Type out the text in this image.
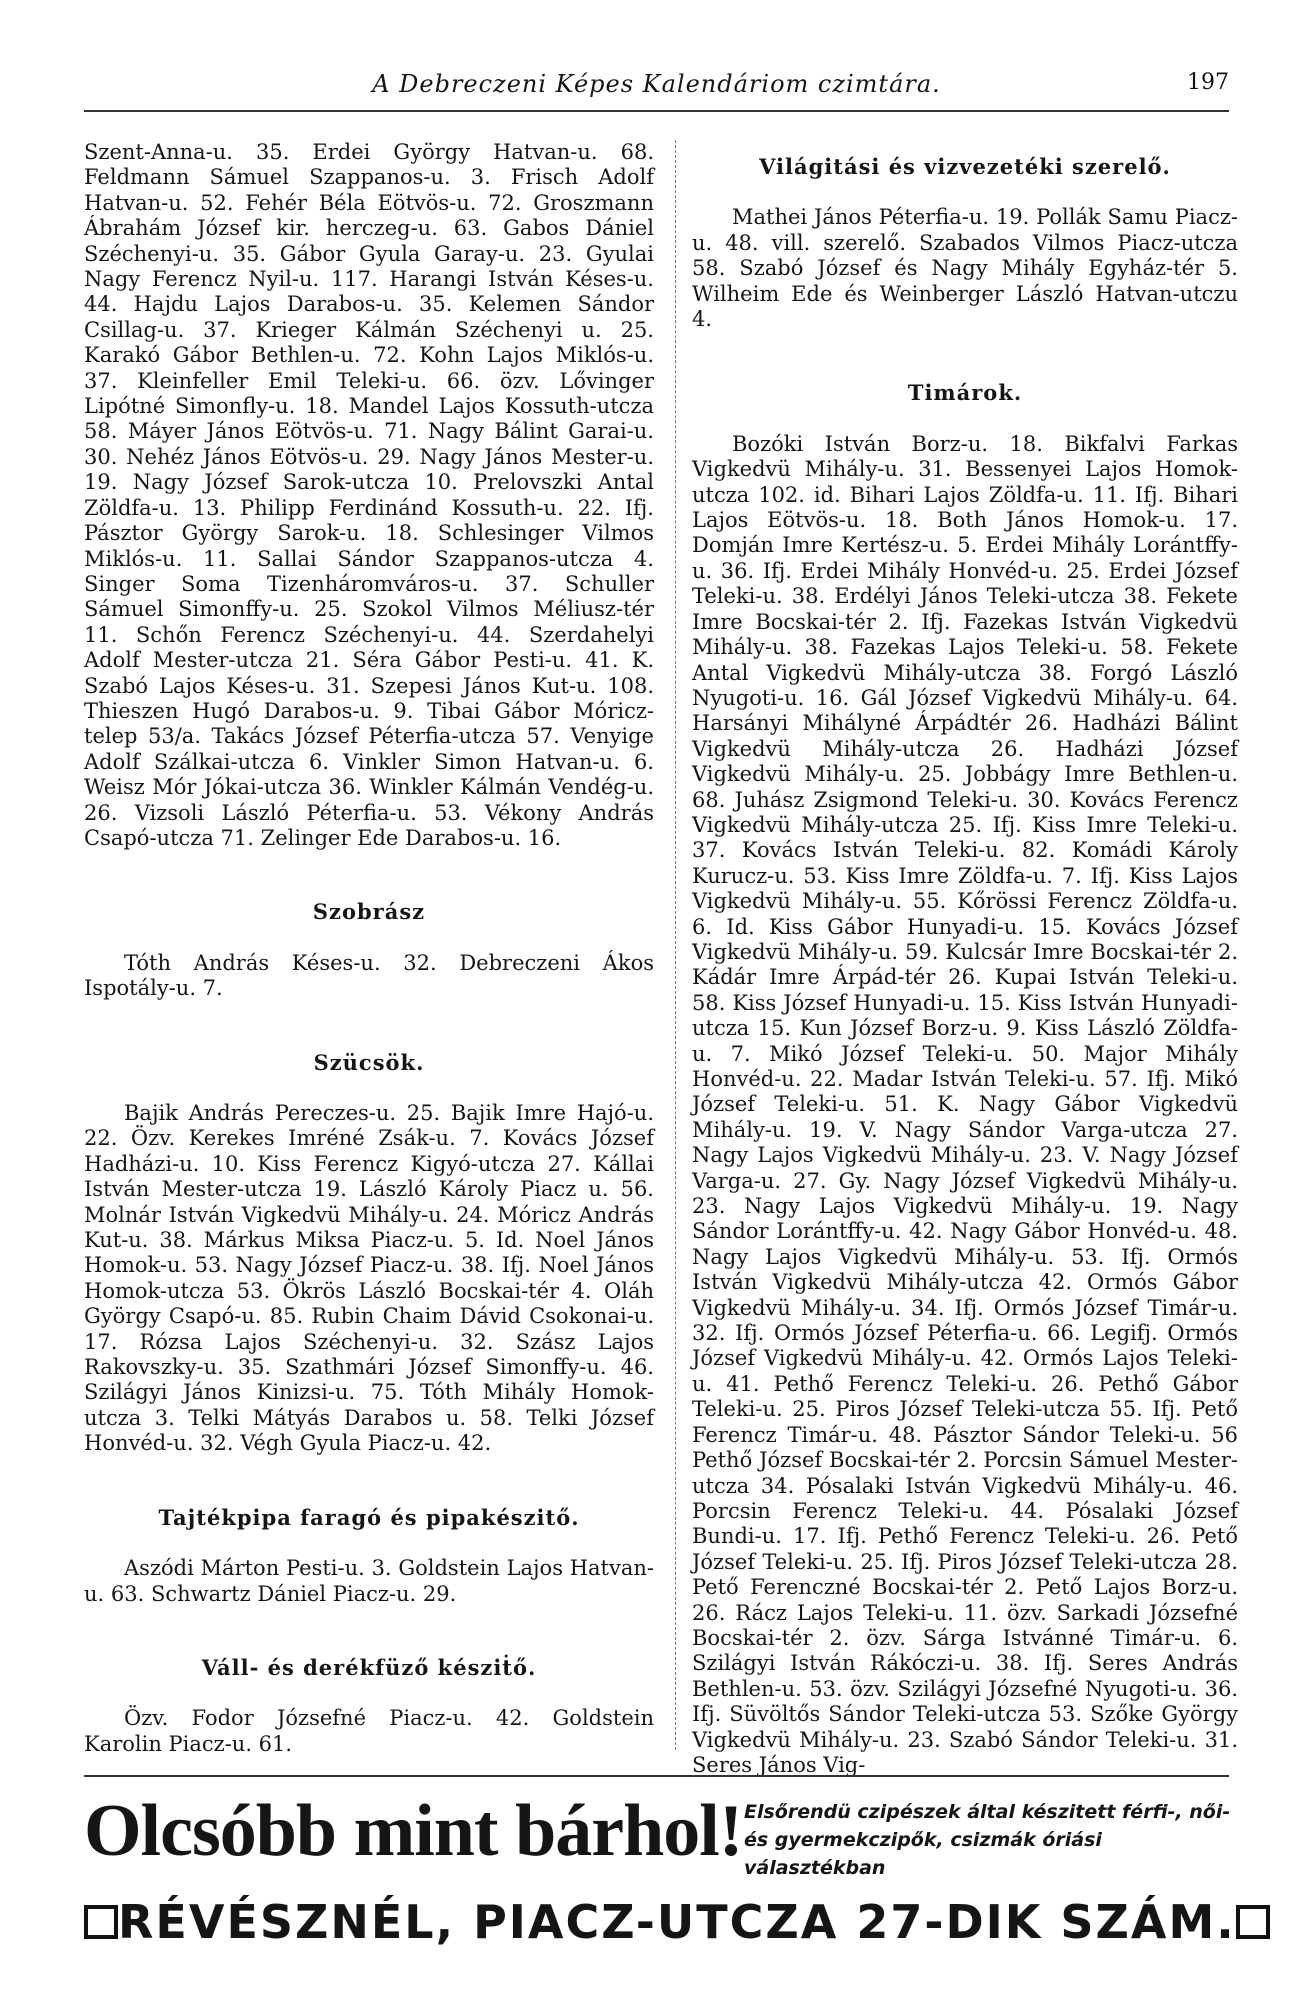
A Debreczeni Képes Kalendáriom czimtára.	197

Szent-Anna-u. 35. Erdei György Hatvan-u. 68. Feldmann Sámuel Szappanos-u. 3. Frisch Adolf Hatvan-u. 52. Fehér Béla Eötvös-u. 72. Groszmann Ábrahám József kir. herczeg-u. 63. Gabos Dániel Széchenyi-u. 35. Gábor Gyula Garay-u. 23. Gyulai Nagy Ferencz Nyil-u. 117. Harangi István Késes-u. 44. Hajdu Lajos Darabos-u. 35. Kelemen Sándor Csillag-u. 37. Krieger Kálmán Széchenyi u. 25. Karakó Gábor Bethlen-u. 72. Kohn Lajos Miklós-u. 37. Kleinfeller Emil Teleki-u. 66. özv. Lővinger Lipótné Simonfly-u. 18. Mandel Lajos Kossuth-utcza 58. Máyer János Eötvös-u. 71. Nagy Bálint Garai-u. 30. Nehéz János Eötvös-u. 29. Nagy János Mester-u. 19. Nagy József Sarok-utcza 10. Prelovszki Antal Zöldfa-u. 13. Philipp Ferdinánd Kossuth-u. 22. Ifj. Pásztor György Sarok-u. 18. Schlesinger Vilmos Miklós-u. 11. Sallai Sándor Szappanos-utcza 4. Singer Soma Tizenháromváros-u. 37. Schuller Sámuel Simonffy-u. 25. Szokol Vilmos Méliusz-tér 11. Schőn Ferencz Széchenyi-u. 44. Szerdahelyi Adolf Mester-utcza 21. Séra Gábor Pesti-u. 41. K. Szabó Lajos Késes-u. 31. Szepesi János Kut-u. 108. Thieszen Hugó Darabos-u. 9. Tibai Gábor Móricz-telep 53/a. Takács József Péterfia-utcza 57. Venyige Adolf Szálkai-utcza 6. Vinkler Simon Hatvan-u. 6. Weisz Mór Jókai-utcza 36. Winkler Kálmán Vendég-u. 26. Vizsoli László Péterfia-u. 53. Vékony András Csapó-utcza 71. Zelinger Ede Darabos-u. 16.

Szobrász

Tóth András Késes-u. 32. Debreczeni Ákos Ispotály-u. 7.

Szücsök.

Bajik András Pereczes-u. 25. Bajik Imre Hajó-u. 22. Özv. Kerekes Imréné Zsák-u. 7. Kovács József Hadházi-u. 10. Kiss Ferencz Kigyó-utcza 27. Kállai István Mester-utcza 19. László Károly Piacz u. 56. Molnár István Vigkedvü Mihály-u. 24. Móricz András Kut-u. 38. Márkus Miksa Piacz-u. 5. Id. Noel János Homok-u. 53. Nagy József Piacz-u. 38. Ifj. Noel János Homok-utcza 53. Ökrös László Bocskai-tér 4. Oláh György Csapó-u. 85. Rubin Chaim Dávid Csokonai-u. 17. Rózsa Lajos Széchenyi-u. 32. Szász Lajos Rakovszky-u. 35. Szathmári József Simonffy-u. 46. Szilágyi János Kinizsi-u. 75. Tóth Mihály Homok-utcza 3. Telki Mátyás Darabos u. 58. Telki József Honvéd-u. 32. Végh Gyula Piacz-u. 42.

Tajtékpipa faragó és pipakészitő.

Aszódi Márton Pesti-u. 3. Goldstein Lajos Hatvan-u. 63. Schwartz Dániel Piacz-u. 29.

Váll- és derékfüző késziṫő.

Özv. Fodor Józsefné Piacz-u. 42. Goldstein Karolin Piacz-u. 61.

Világitási és vizvezetéki szerelő.

Mathei János Péterfia-u. 19. Pollák Samu Piacz-u. 48. vill. szerelő. Szabados Vilmos Piacz-utcza 58. Szabó József és Nagy Mihály Egyház-tér 5. Wilheim Ede és Weinberger László Hatvan-utczu 4.

Timárok.

Bozóki István Borz-u. 18. Bikfalvi Farkas Vigkedvü Mihály-u. 31. Bessenyei Lajos Homok-utcza 102. id. Bihari Lajos Zöldfa-u. 11. Ifj. Bihari Lajos Eötvös-u. 18. Both János Homok-u. 17. Domján Imre Kertész-u. 5. Erdei Mihály Lorántffy-u. 36. Ifj. Erdei Mihály Honvéd-u. 25. Erdei József Teleki-u. 38. Erdélyi János Teleki-utcza 38. Fekete Imre Bocskai-tér 2. Ifj. Fazekas István Vigkedvü Mihály-u. 38. Fazekas Lajos Teleki-u. 58. Fekete Antal Vigkedvü Mihály-utcza 38. Forgó László Nyugoti-u. 16. Gál József Vigkedvü Mihály-u. 64. Harsányi Mihályné Árpádtér 26. Hadházi Bálint Vigkedvü Mihály-utcza 26. Hadházi József Vigkedvü Mihály-u. 25. Jobbágy Imre Bethlen-u. 68. Juhász Zsigmond Teleki-u. 30. Kovács Ferencz Vigkedvü Mihály-utcza 25. Ifj. Kiss Imre Teleki-u. 37. Kovács István Teleki-u. 82. Komádi Károly Kurucz-u. 53. Kiss Imre Zöldfa-u. 7. Ifj. Kiss Lajos Vigkedvü Mihály-u. 55. Kőrössi Ferencz Zöldfa-u. 6. Id. Kiss Gábor Hunyadi-u. 15. Kovács József Vigkedvü Mihály-u. 59. Kulcsár Imre Bocskai-tér 2. Kádár Imre Árpád-tér 26. Kupai István Teleki-u. 58. Kiss József Hunyadi-u. 15. Kiss István Hunyadi-utcza 15. Kun József Borz-u. 9. Kiss László Zöldfa-u. 7. Mikó József Teleki-u. 50. Major Mihály Honvéd-u. 22. Madar István Teleki-u. 57. Ifj. Mikó József Teleki-u. 51. K. Nagy Gábor Vigkedvü Mihály-u. 19. V. Nagy Sándor Varga-utcza 27. Nagy Lajos Vigkedvü Mihály-u. 23. V. Nagy József Varga-u. 27. Gy. Nagy József Vigkedvü Mihály-u. 23. Nagy Lajos Vigkedvü Mihály-u. 19. Nagy Sándor Lorántffy-u. 42. Nagy Gábor Honvéd-u. 48. Nagy Lajos Vigkedvü Mihály-u. 53. Ifj. Ormós István Vigkedvü Mihály-utcza 42. Ormós Gábor Vigkedvü Mihály-u. 34. Ifj. Ormós József Timár-u. 32. Ifj. Ormós József Péterfia-u. 66. Legifj. Ormós József Vigkedvü Mihály-u. 42. Ormós Lajos Teleki-u. 41. Pethő Ferencz Teleki-u. 26. Pethő Gábor Teleki-u. 25. Piros József Teleki-utcza 55. Ifj. Pető Ferencz Timár-u. 48. Pásztor Sándor Teleki-u. 56 Pethő József Bocskai-tér 2. Porcsin Sámuel Mester-utcza 34. Pósalaki István Vigkedvü Mihály-u. 46. Porcsin Ferencz Teleki-u. 44. Pósalaki József Bundi-u. 17. Ifj. Pethő Ferencz Teleki-u. 26. Pető József Teleki-u. 25. Ifj. Piros József Teleki-utcza 28. Pető Ferenczné Bocskai-tér 2. Pető Lajos Borz-u. 26. Rácz Lajos Teleki-u. 11. özv. Sarkadi Józsefné Bocskai-tér 2. özv. Sárga Istvánné Timár-u. 6. Szilágyi István Rákóczi-u. 38. Ifj. Seres András Bethlen-u. 53. özv. Szilágyi Józsefné Nyugoti-u. 36. Ifj. Süvöltős Sándor Teleki-utcza 53. Szőke György Vigkedvü Mihály-u. 23. Szabó Sándor Teleki-u. 31. Seres János Vig-

Olcsóbb mint bárhol! Elsőrendü czipészek által készitett férfi-, női-
és gyermekczipők, csizmák óriási választékban
RÉVÉSZNÉL, PIACZ-UTCZA 27-DIK SZÁM.
